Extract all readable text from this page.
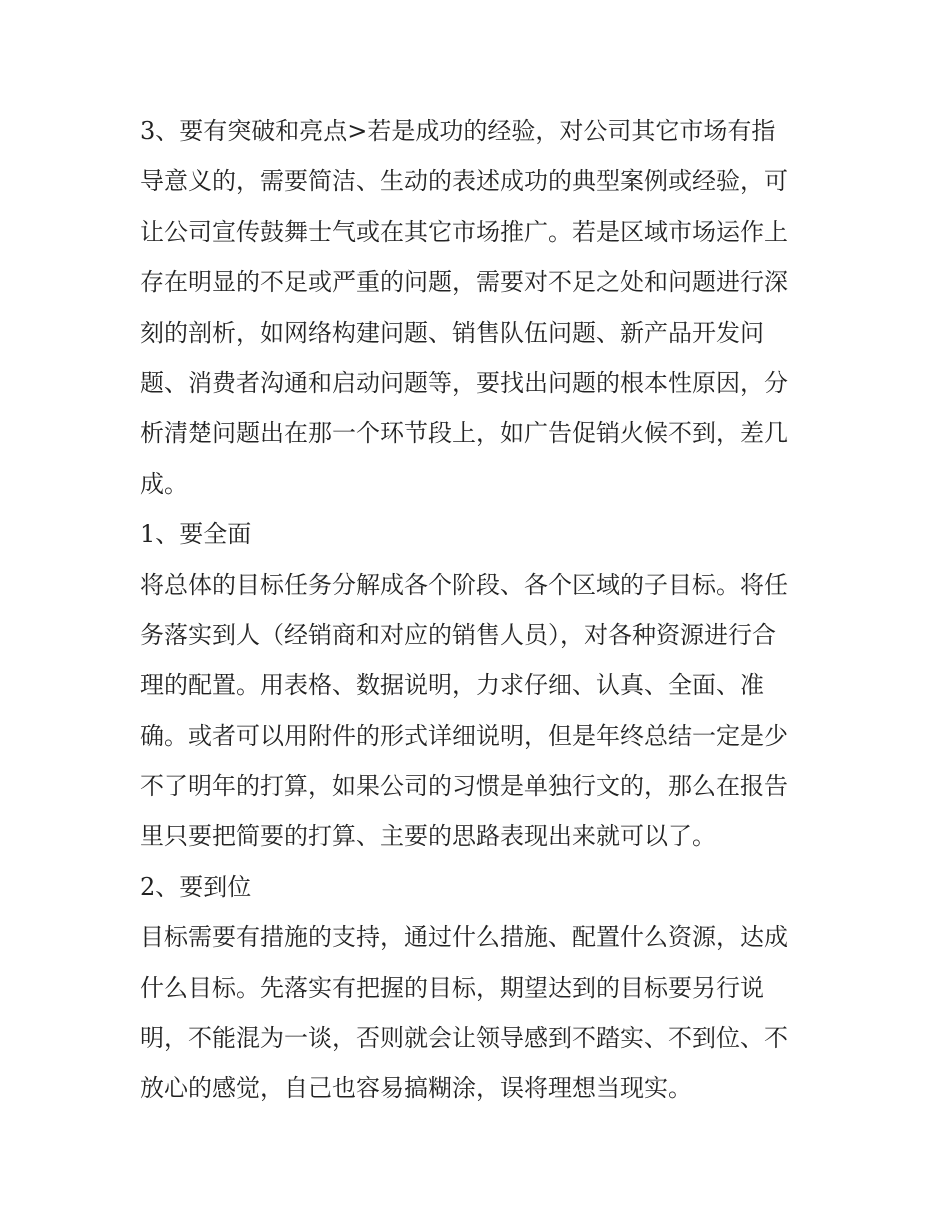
3、要有突破和亮点>若是成功的经验，对公司其它市场有指
导意义的，需要简洁、生动的表述成功的典型案例或经验，可
让公司宣传鼓舞士气或在其它市场推广。若是区域市场运作上
存在明显的不足或严重的问题，需要对不足之处和问题进行深
刻的剖析，如网络构建问题、销售队伍问题、新产品开发问
题、消费者沟通和启动问题等，要找出问题的根本性原因，分
析清楚问题出在那一个环节段上，如广告促销火候不到，差几
成。
1、要全面
将总体的目标任务分解成各个阶段、各个区域的子目标。将任
务落实到人（经销商和对应的销售人员），对各种资源进行合
理的配置。用表格、数据说明，力求仔细、认真、全面、准
确。或者可以用附件的形式详细说明，但是年终总结一定是少
不了明年的打算，如果公司的习惯是单独行文的，那么在报告
里只要把简要的打算、主要的思路表现出来就可以了。
2、要到位
目标需要有措施的支持，通过什么措施、配置什么资源，达成
什么目标。先落实有把握的目标，期望达到的目标要另行说
明，不能混为一谈，否则就会让领导感到不踏实、不到位、不
放心的感觉，自己也容易搞糊涂，误将理想当现实。
